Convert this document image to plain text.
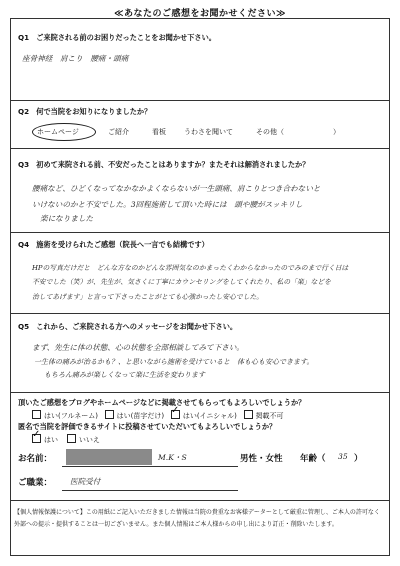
≪あなたのご感想をお聞かせください≫
Q1　ご来院される前のお困りだったことをお聞かせ下さい。
座骨神経　肩こり　腰痛・頭痛
Q2　何で当院をお知りになりましたか？
ホームページ	ご紹介	看板	うわさを聞いて	その他（　　　　　　　）
Q3　初めて来院される前、不安だったことはありますか？またそれは解消されましたか？
腰痛など、ひどくなってなかなかよくならないが一生頭痛、肩こりとつき合わないと
いけないのかと不安でした。3回程施術して頂いた時には　頭や腰がスッキリし
楽になりました
Q4　施術を受けられたご感想（院長へ一言でも結構です）
HPの写真だけだと　どんな方なのかどんな雰囲気なのかまったくわからなかったのでみのまで行く日は
不安でした（笑）が、先生が、気さくに丁寧にカウンセリングをしてくれたり、私の「楽」などを
治してあげます」と言って下さったことがとても心強かったし安心でした。
Q5　これから、ご来院される方へのメッセージをお聞かせ下さい。
まず、先生に体の状態、心の状態を全部相談してみて下さい。
一生体の痛みが治るかも？、と思いながら施術を受けていると　体も心も安心できます。
もちろん痛みが楽しくなって楽に生活を変わります
頂いたご感想をブログやホームページなどに掲載させてもらってもよろしいでしょうか？
はい(フルネーム)	はい(苗字だけ)   ✓	はい(イニシャル)	掲載不可
匿名で当院を評価できるサイトに投稿させていただいてもよろしいでしょうか？
✓はい	いいえ
お名前：	M.K・S	男性・女性 年齢（ 35 ）
ご職業： 医院受付
【個人情報保護について】この用紙にご記入いただきました情報は当院の貴重なお客様データーとして厳重に管理し、ご本人の許可なく
外部への提示・提供することは一切ございません。また個人情報はご本人様からの申し出により訂正・削除いたします。
